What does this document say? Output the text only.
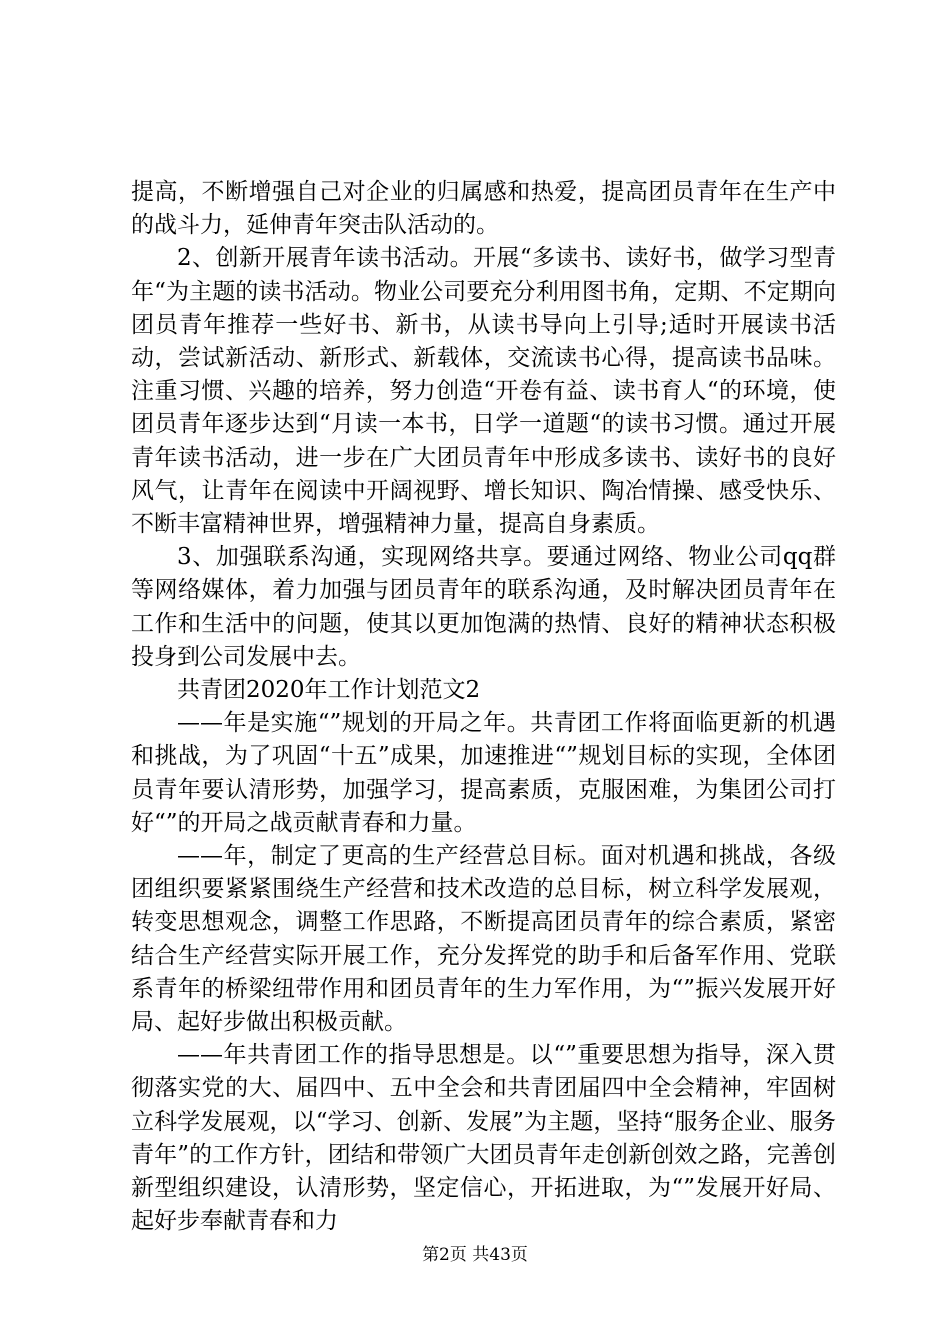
提高，不断增强自己对企业的归属感和热爱，提高团员青年在生产中的战斗力，延伸青年突击队活动的。

2、创新开展青年读书活动。开展“多读书、读好书，做学习型青年“为主题的读书活动。物业公司要充分利用图书角，定期、不定期向团员青年推荐一些好书、新书，从读书导向上引导;适时开展读书活动，尝试新活动、新形式、新载体，交流读书心得，提高读书品味。注重习惯、兴趣的培养，努力创造“开卷有益、读书育人“的环境，使团员青年逐步达到“月读一本书，日学一道题“的读书习惯。通过开展青年读书活动，进一步在广大团员青年中形成多读书、读好书的良好风气，让青年在阅读中开阔视野、增长知识、陶冶情操、感受快乐、不断丰富精神世界，增强精神力量，提高自身素质。

3、加强联系沟通，实现网络共享。要通过网络、物业公司qq群等网络媒体，着力加强与团员青年的联系沟通，及时解决团员青年在工作和生活中的问题，使其以更加饱满的热情、良好的精神状态积极投身到公司发展中去。

共青团2020年工作计划范文2

——年是实施“”规划的开局之年。共青团工作将面临更新的机遇和挑战，为了巩固“十五”成果，加速推进“”规划目标的实现，全体团员青年要认清形势，加强学习，提高素质，克服困难，为集团公司打好“”的开局之战贡献青春和力量。

——年，制定了更高的生产经营总目标。面对机遇和挑战，各级团组织要紧紧围绕生产经营和技术改造的总目标，树立科学发展观，转变思想观念，调整工作思路，不断提高团员青年的综合素质，紧密结合生产经营实际开展工作，充分发挥党的助手和后备军作用、党联系青年的桥梁纽带作用和团员青年的生力军作用，为“”振兴发展开好局、起好步做出积极贡献。

——年共青团工作的指导思想是。以“”重要思想为指导，深入贯彻落实党的大、届四中、五中全会和共青团届四中全会精神，牢固树立科学发展观，以“学习、创新、发展”为主题，坚持“服务企业、服务青年”的工作方针，团结和带领广大团员青年走创新创效之路，完善创新型组织建设，认清形势，坚定信心，开拓进取，为“”发展开好局、起好步奉献青春和力

第2页 共43页
